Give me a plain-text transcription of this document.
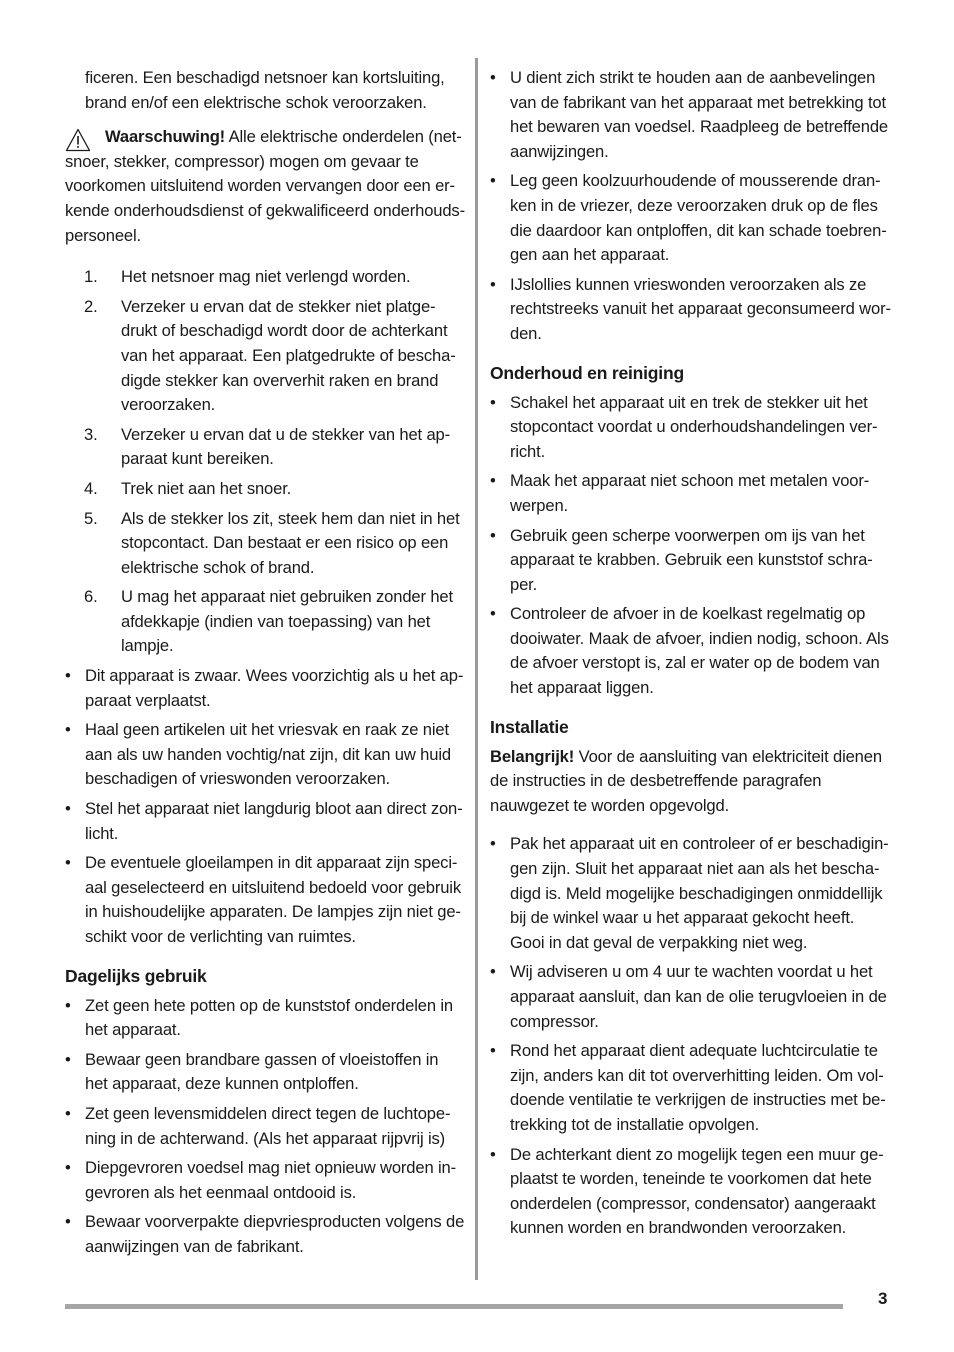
ficeren. Een beschadigd netsnoer kan kortsluiting, brand en/of een elektrische schok veroorzaken.

Waarschuwing! Alle elektrische onderdelen (net-snoer, stekker, compressor) mogen om gevaar te voorkomen uitsluitend worden vervangen door een er-kende onderhoudsdienst of gekwalificeerd onderhouds-personeel.

1. Het netsnoer mag niet verlengd worden.
2. Verzeker u ervan dat de stekker niet platge-drukt of beschadigd wordt door de achterkant van het apparaat. Een platgedrukte of bescha-digde stekker kan oververhit raken en brand veroorzaken.
3. Verzeker u ervan dat u de stekker van het ap-paraat kunt bereiken.
4. Trek niet aan het snoer.
5. Als de stekker los zit, steek hem dan niet in het stopcontact. Dan bestaat er een risico op een elektrische schok of brand.
6. U mag het apparaat niet gebruiken zonder het afdekkapje (indien van toepassing) van het lampje.
• Dit apparaat is zwaar. Wees voorzichtig als u het ap-paraat verplaatst.
• Haal geen artikelen uit het vriesvak en raak ze niet aan als uw handen vochtig/nat zijn, dit kan uw huid beschadigen of vrieswonden veroorzaken.
• Stel het apparaat niet langdurig bloot aan direct zon-licht.
• De eventuele gloeilampen in dit apparaat zijn speci-aal geselecteerd en uitsluitend bedoeld voor gebruik in huishoudelijke apparaten. De lampjes zijn niet ge-schikt voor de verlichting van ruimtes.
Dagelijks gebruik
• Zet geen hete potten op de kunststof onderdelen in het apparaat.
• Bewaar geen brandbare gassen of vloeistoffen in het apparaat, deze kunnen ontploffen.
• Zet geen levensmiddelen direct tegen de luchtope-ning in de achterwand. (Als het apparaat rijpvrij is)
• Diepgevroren voedsel mag niet opnieuw worden in-gevroren als het eenmaal ontdooid is.
• Bewaar voorverpakte diepvriesproducten volgens de aanwijzingen van de fabrikant.
• U dient zich strikt te houden aan de aanbevelingen van de fabrikant van het apparaat met betrekking tot het bewaren van voedsel. Raadpleeg de betreffende aanwijzingen.
• Leg geen koolzuurhoudende of mousserende dran-ken in de vriezer, deze veroorzaken druk op de fles die daardoor kan ontploffen, dit kan schade toebren-gen aan het apparaat.
• IJslollies kunnen vrieswonden veroorzaken als ze rechtstreeks vanuit het apparaat geconsumeerd wor-den.
Onderhoud en reiniging
• Schakel het apparaat uit en trek de stekker uit het stopcontact voordat u onderhoudshandelingen ver-richt.
• Maak het apparaat niet schoon met metalen voor-werpen.
• Gebruik geen scherpe voorwerpen om ijs van het apparaat te krabben. Gebruik een kunststof schra-per.
• Controleer de afvoer in de koelkast regelmatig op dooiwater. Maak de afvoer, indien nodig, schoon. Als de afvoer verstopt is, zal er water op de bodem van het apparaat liggen.
Installatie

Belangrijk! Voor de aansluiting van elektriciteit dienen de instructies in de desbetreffende paragrafen nauwgezet te worden opgevolgd.

• Pak het apparaat uit en controleer of er beschadigin-gen zijn. Sluit het apparaat niet aan als het bescha-digd is. Meld mogelijke beschadigingen onmiddellijk bij de winkel waar u het apparaat gekocht heeft. Gooi in dat geval de verpakking niet weg.
• Wij adviseren u om 4 uur te wachten voordat u het apparaat aansluit, dan kan de olie terugvloeien in de compressor.
• Rond het apparaat dient adequate luchtcirculatie te zijn, anders kan dit tot oververhitting leiden. Om vol-doende ventilatie te verkrijgen de instructies met be-trekking tot de installatie opvolgen.
• De achterkant dient zo mogelijk tegen een muur ge-plaatst te worden, teneinde te voorkomen dat hete onderdelen (compressor, condensator) aangeraakt kunnen worden en brandwonden veroorzaken.
3
